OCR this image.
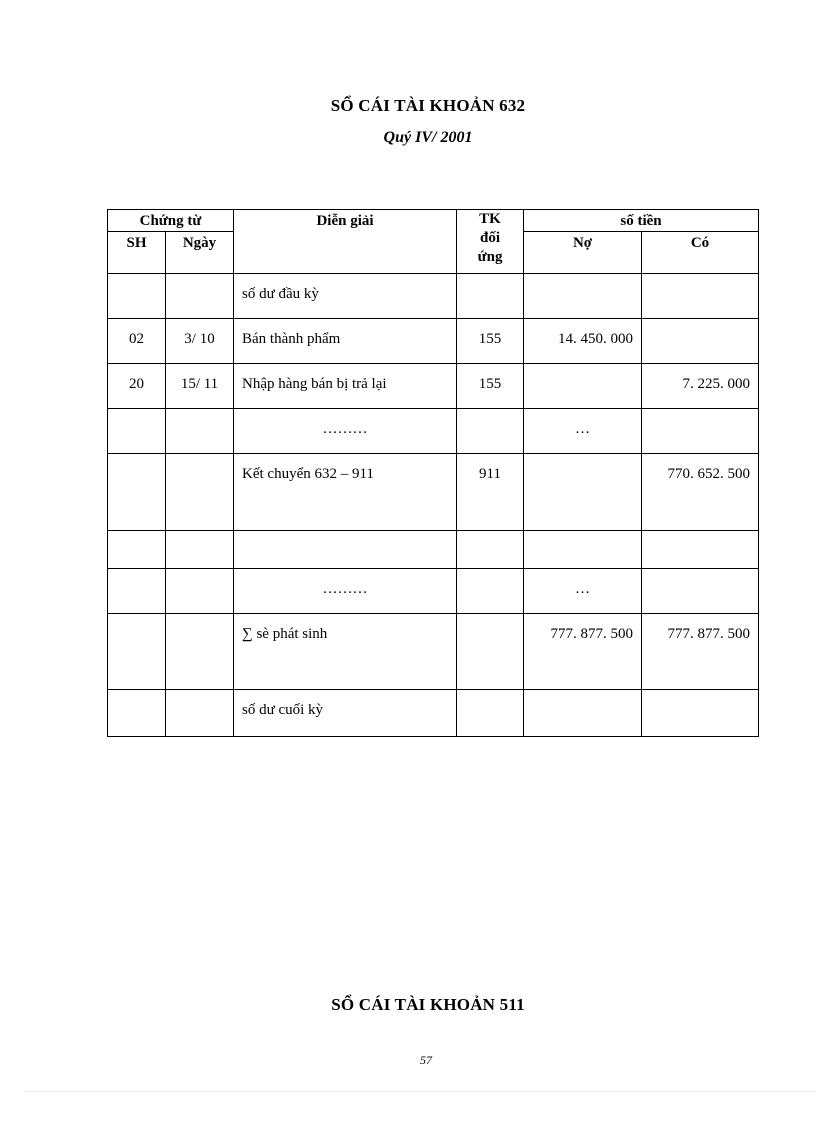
SỔ CÁI TÀI KHOẢN 632
Quý IV/ 2001
Chứng từ		Diễn giải	TK đối ứng	số tiền	
SH	Ngày			Nợ	Có
		số dư đầu kỳ			
02	3/ 10	Bán thành phẩm	155	14. 450. 000	
20	15/ 11	Nhập hàng bán bị trả lại	155		7. 225. 000
		………		…	
		Kết chuyển 632 – 911	911		770. 652. 500

		………		…	
		∑ sè phát sinh		777. 877. 500	777. 877. 500
		số dư cuối kỳ			
SỔ CÁI TÀI KHOẢN 511
57
